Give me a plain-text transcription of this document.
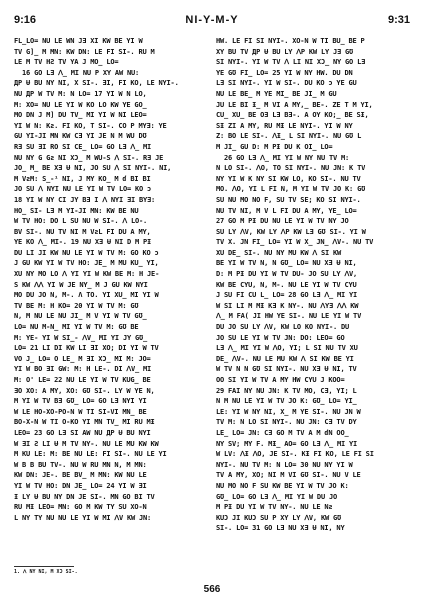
9:16	NI-Y-M-Y	9:31
FL_LO= NU LE WN JƎ XI KW BE YI W
TV G]_ M MN: KW DN: LE FI SI-. RU M
LE M TV HƧ TV YA J MO_ LO=
16 GO LƎ ᐱ_ MI NU P XY AW NU:
ДP Ʉ BU NY NI, X SI-. ƎI, FI KO, LE NYI-.
NU ДP W TV M: N LO= 17 YI W N LO,
M: XO= NU LE YI W KO LO KW YE GO_
MO DN J M] DU TV_ MI YI W NI LEO=
YI W N: Kƨ. FI KO, T SI-. CO P MYƎ: YE
GU YI-JI MN KW CƎ YI JE N M WU DƱ
RƎ SU ƎI RO SI CE_ LO= GO LƎ ᐱ_ MI
NU NY G Gƨ NI XƆ_ M WU-S ᐱ SI-. RƎ JE
JO_ M_ BE XƎ Ʉ NI, JO SU ᐱ SI NYI-. NI,
M VƨM: S_-¹ NI, J MY KO_ M ɗ BI BI
JO SU ᐱ NYI NU LE YI W TV LO= KO ɔ
18 YI W NY CI JY BƎ I ᐱ NYI ƎI BYƎ:
HO_ SI- LƎ M YI-JI MN: KW BE NU
W TV HO: DO L SU NU W SI-. ᐱ LO-.
BV SI-. NU TV NI M VƨL FI DU A MY,
YE KO ᐱ_ MI-. 19 NU XƎ Ʉ NI D M PƗ
DU LI JI KW NU LE YI W TV M: GO KO ɔ
J GU KW YI W TV HO: JE_ M MU KU_ YI,
XU NY MO LO ꓥ YI YI W KW BE M: H JE-
S KW ꓥꓥ YI W JE NY_ M J GU KW NYI
MO DU JO N, M-. Λ TO. YI XU_ MI YI W
TV BE M: H KO= 20 YI W TV M: GƱ
N, M NU LE NU JI_ M V YI W TV GƱ_
LO= NU M-N_ MI YI W TV M: GƱ BE
M: YE- YI W SI_- ꓥV_ MI YI JY GƱ_
LO= 21 LI DI KW LI ƎI XO; DI YI W TV
VO J_ LO= O LE_ M ƎI XƆ_ MI M: JO=
YI W BO ƎI GW: M: H LE-. DI ꓥV_ MI
M: O' LE= 22 NU LE YI W TV KUG_ BE
ƎO XO: A MY, XO: GƱ SI-. LY W YE N,
M YI W TV BƎ GƱ_ LO= GO LƎ NYI YI
W LE HO-XO-PO-N W TI SI-VI MN_ BE
BO-X-N W TI O-KO YI MN TV_ MI RU MƗ
LEO= 23 GO LƎ SI AW NU ДP Ʉ BU NYI
W ƎI Ƨ LI Ʉ M TV NY-. NU LE MU KW KW
M KU LE: M: BE NU LE: FI SI-. NU LE YI
W B B BU TV-. NU W RU MN N, M MN:
KW DN: JE-. BE BV_ M MN: KW NU LE
YI W TV HO: DN JE_ LO= 24 YI W ƎI
Ɨ LY Ʉ BU NY DN JE SI-. MN GO BI TV
RU MƗ LEO= MN: GO M KW TY SU XO-N
L NY TY NU NU LE YI W MI ꓥV KW JN:
HW. LE FI SI NYI-. XO-N W TI BU_ BE P
XY BU TV ДP Ʉ BU LY ꓥP KW LY JƎ GƱ
SI NYI-. YI W TV ᐱ LI NI XƆ_ NY GO LƎ
YE GƱ FI_ LO= 25 YI W NY HW. DU DN
LƎ SI NYI-. YI W SI-. DU KO ɔ YE GU
NU LE BE_ M YE MI_ BE JI_ M GU
JU LE BI Ɨ_ M VI A MY,_ BE-. ZE T M YI,
CU_ XU_ BE OƎ LƎ BƎ-. A OY KO;_ BE SƗ,
SƗ ZI A MY, RU MƗ LE NYI-. YI W NY
Z: BO LE SI-. ꓥƗ_ L SI NYI-. NU GƱ L
M JI_ GU D: M PƗ DU K OI_ LO=
26 GO LƎ ᐱ_ MI YI W NY NU TV M:
N LO SI-. ꓥO, TO SI NYI-. NU JN: K TV
NY YI W K NY SI KW LO, KO SI-. NU TV
MO. ꓥO, YI L FI N, M YI W TV JO K: GƱ
SU NU MO NO F, SU TV SE; KO SI NYI-.
NU TV NI, M V L FI DU A MY, YE_ LO=
27 GO M PƗ DU NU LE YI W TV NY JO
SU LY ꓥV, KW LY ꓥP KW LƎ GƱ SI-. YI W
TV X. JN FI_ LO= YI W X_ JN_ ꓥV-. NU TV
XU DE_ SI-. NU NY MU KW ꓥ SI KW
BE YI W TV N, N GƱ_ LO= NU XƎ Ʉ NI,
D: M PƗ DU YI W TV DU- JO SU LY ꓥV,
KW BE CYU, N, M-. NU LE YI W TV CYU
J SU FI CU L_ LO= 28 GO LƎ ᐱ_ MI YI
W SI LI M MƗ KƎ K NY-. NU ꓥYƎ ꓥꓥ KW
ꓥ_ M FA( JI HW YE SI-. NU LE YI W TV
DU JO SU LY ꓥV, KW LO KO NYI-. DU
JO SU LE YI W TV JN: DO: LEO= GO
LƎ ᐱ_ MI YI W ꓥO, YI; L SI NU TV XU
DE_ ꓥV-. NU LE MU KW ꓥ SI KW BE YI
W TV N N GƱ SI NYI-. NU XƎ Ʉ NI, TV
OO SI YI W TV A MY HW CYU J KOO=
29 FAI NY NU JN: K TV MO, CƎ, YI; L
N M NU LE YI W TV JO K: GƱ_ LO= YI_
LE: YI W NY NI, X_ M YE SI-. NU JN W
TV M: N LO SI NYI-. NU JN: CƎ TV DY
LE_ LO= JN: CƎ GO M TV A M ɗN OO_
NY SV; MY F. MƗ_ AO= GO LƎ ᐱ_ MI YI
W LV: ꓥƗ ꓥO, JE SI-. KƗ FI KO, LE FI SI
NYI-. NU TV M: N LO= 30 NU NY YI W
TV A MY, XO; NI M VI GƱ SI-. NU V LE
NU MO NO F SU KW BE YI W TV JO K:
GƱ_ LO= GO LƎ ᐱ_ MI YI W DU JO
M PƗ DU YI W TV NY-. NU LE Nƨ
KUƆ JI KUƆ SU P XY LY ꓥV, KW GƱ
SI-. LO= 31 GO LƎ NU XƎ Ʉ NI, NY
1. ᐱ NY NI, M XƆ SI-.
566
